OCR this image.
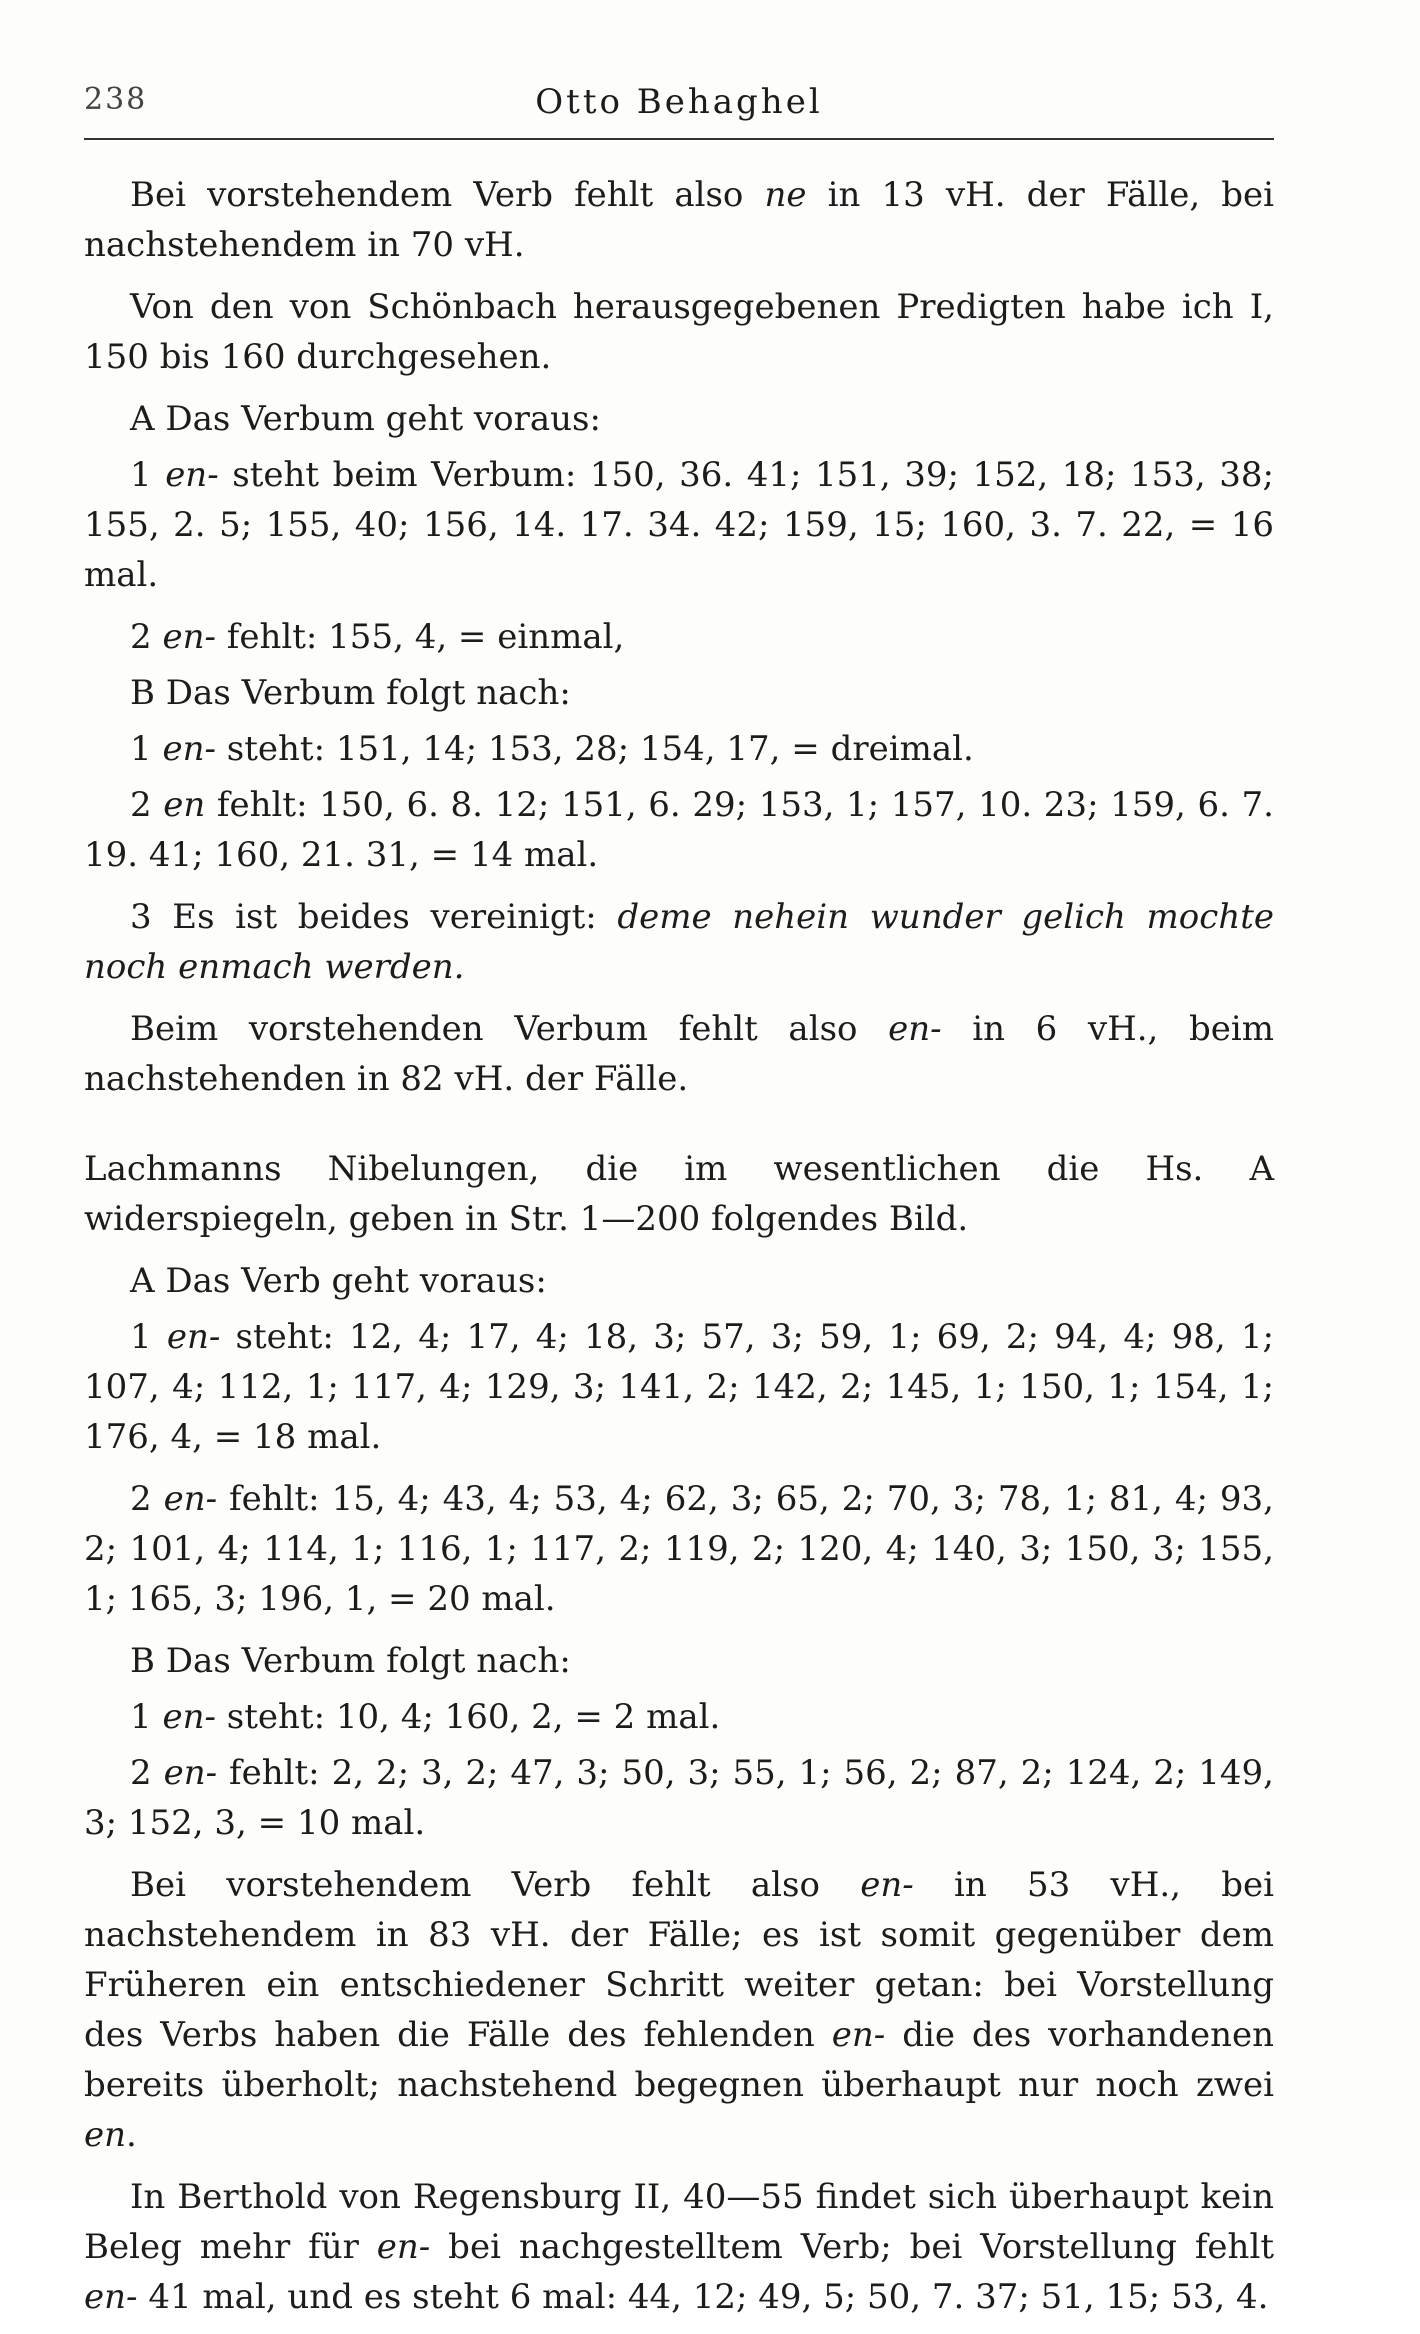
238	Otto Behaghel

Bei vorstehendem Verb fehlt also ne in 13 vH. der Fälle, bei nachstehendem in 70 vH.

Von den von Schönbach herausgegebenen Predigten habe ich I, 150 bis 160 durchgesehen.

A Das Verbum geht voraus:

1 en- steht beim Verbum: 150, 36. 41; 151, 39; 152, 18; 153, 38; 155, 2. 5; 155, 40; 156, 14. 17. 34. 42; 159, 15; 160, 3. 7. 22, = 16 mal.

2 en- fehlt: 155, 4, = einmal,

B Das Verbum folgt nach:

1 en- steht: 151, 14; 153, 28; 154, 17, = dreimal.

2 en fehlt: 150, 6. 8. 12; 151, 6. 29; 153, 1; 157, 10. 23; 159, 6. 7. 19. 41; 160, 21. 31, = 14 mal.

3 Es ist beides vereinigt: deme nehein wunder gelich mochte noch enmach werden.

Beim vorstehenden Verbum fehlt also en- in 6 vH., beim nachstehenden in 82 vH. der Fälle.

Lachmanns Nibelungen, die im wesentlichen die Hs. A widerspiegeln, geben in Str. 1—200 folgendes Bild.

A Das Verb geht voraus:

1 en- steht: 12, 4; 17, 4; 18, 3; 57, 3; 59, 1; 69, 2; 94, 4; 98, 1; 107, 4; 112, 1; 117, 4; 129, 3; 141, 2; 142, 2; 145, 1; 150, 1; 154, 1; 176, 4, = 18 mal.

2 en- fehlt: 15, 4; 43, 4; 53, 4; 62, 3; 65, 2; 70, 3; 78, 1; 81, 4; 93, 2; 101, 4; 114, 1; 116, 1; 117, 2; 119, 2; 120, 4; 140, 3; 150, 3; 155, 1; 165, 3; 196, 1, = 20 mal.

B Das Verbum folgt nach:

1 en- steht: 10, 4; 160, 2, = 2 mal.

2 en- fehlt: 2, 2; 3, 2; 47, 3; 50, 3; 55, 1; 56, 2; 87, 2; 124, 2; 149, 3; 152, 3, = 10 mal.

Bei vorstehendem Verb fehlt also en- in 53 vH., bei nachstehendem in 83 vH. der Fälle; es ist somit gegenüber dem Früheren ein entschiedener Schritt weiter getan: bei Vorstellung des Verbs haben die Fälle des fehlenden en- die des vorhandenen bereits überholt; nachstehend begegnen überhaupt nur noch zwei en.

In Berthold von Regensburg II, 40—55 findet sich überhaupt kein Beleg mehr für en- bei nachgestelltem Verb; bei Vorstellung fehlt en- 41 mal, und es steht 6 mal: 44, 12; 49, 5; 50, 7. 37; 51, 15; 53, 4.
